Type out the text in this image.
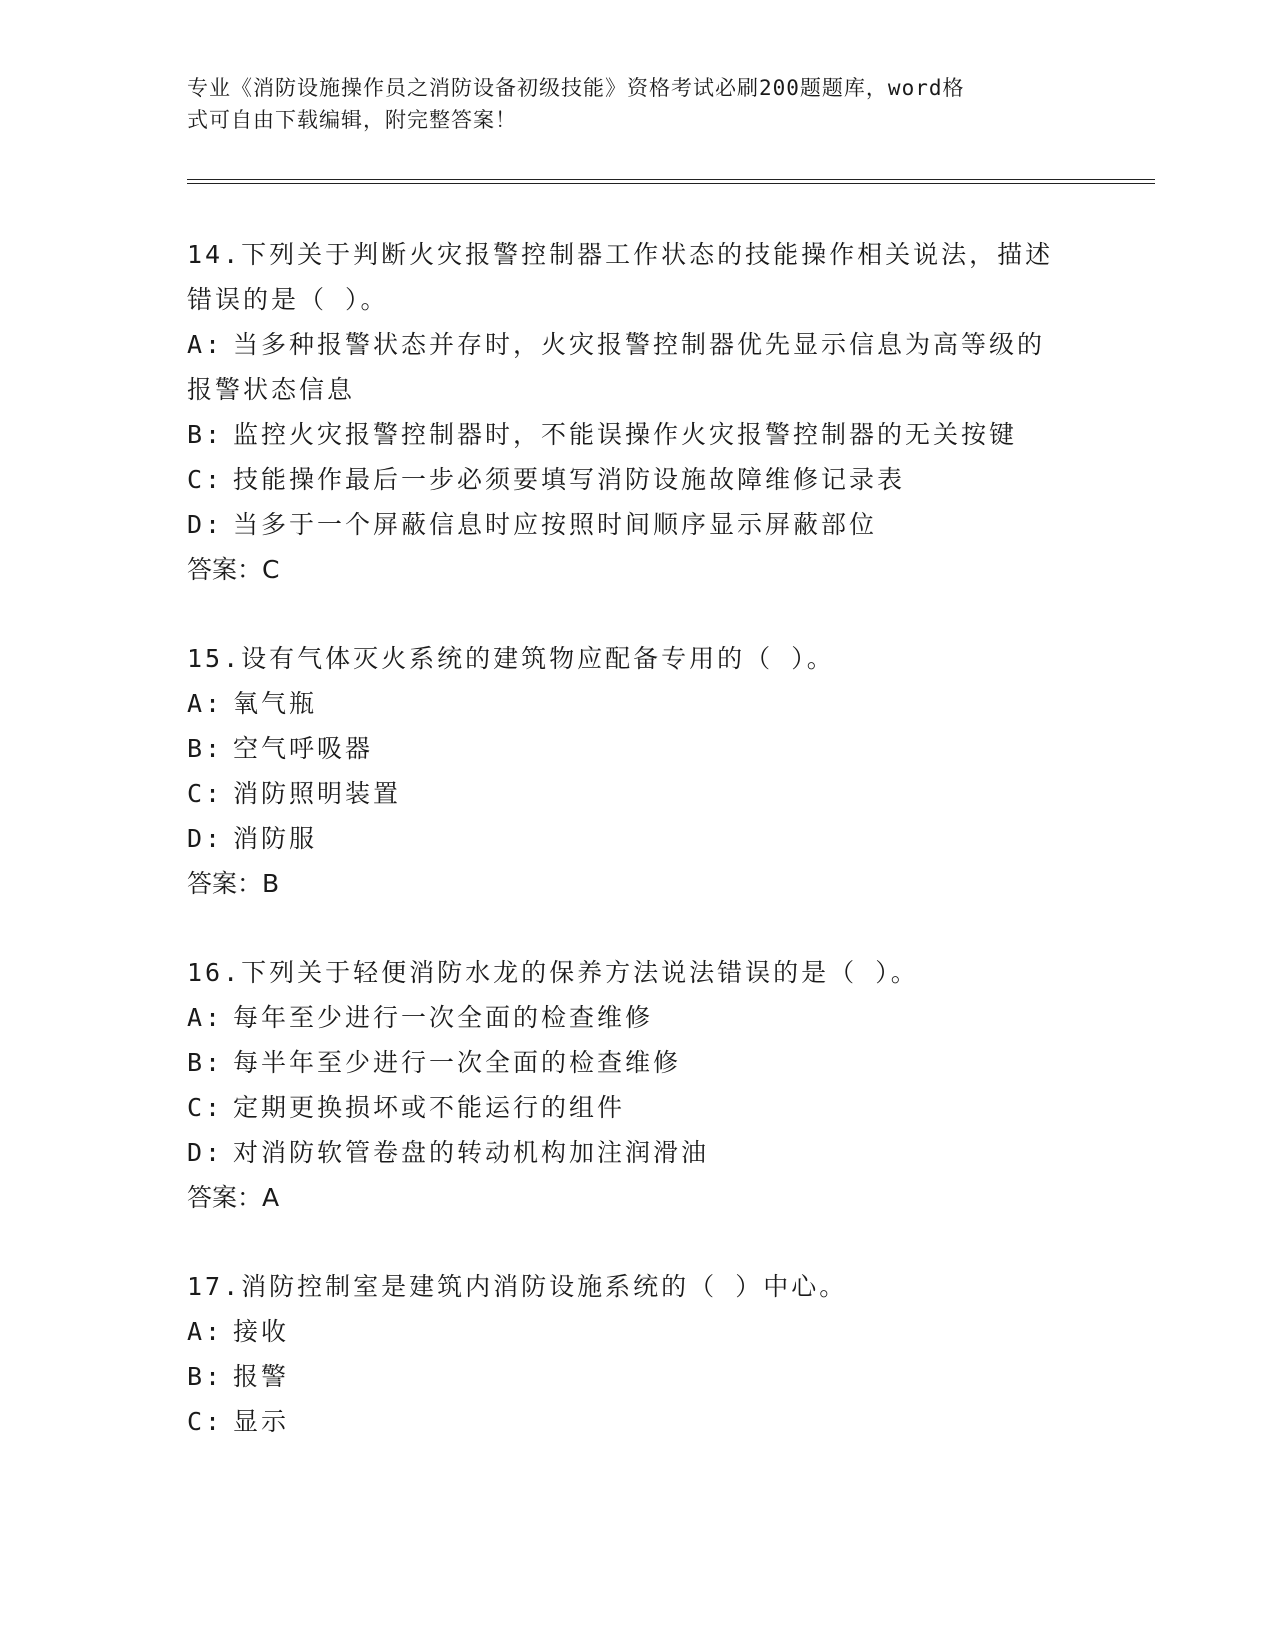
专业《消防设施操作员之消防设备初级技能》资格考试必刷200题题库，word格
式可自由下载编辑，附完整答案！
14.下列关于判断火灾报警控制器工作状态的技能操作相关说法，描述
错误的是（ ）。
A: 当多种报警状态并存时，火灾报警控制器优先显示信息为高等级的
报警状态信息
B: 监控火灾报警控制器时，不能误操作火灾报警控制器的无关按键
C: 技能操作最后一步必须要填写消防设施故障维修记录表
D: 当多于一个屏蔽信息时应按照时间顺序显示屏蔽部位
答案：C
15.设有气体灭火系统的建筑物应配备专用的（ ）。
A: 氧气瓶
B: 空气呼吸器
C: 消防照明装置
D: 消防服
答案：B
16.下列关于轻便消防水龙的保养方法说法错误的是（ ）。
A: 每年至少进行一次全面的检查维修
B: 每半年至少进行一次全面的检查维修
C: 定期更换损坏或不能运行的组件
D: 对消防软管卷盘的转动机构加注润滑油
答案：A
17.消防控制室是建筑内消防设施系统的（ ）中心。
A: 接收
B: 报警
C: 显示
